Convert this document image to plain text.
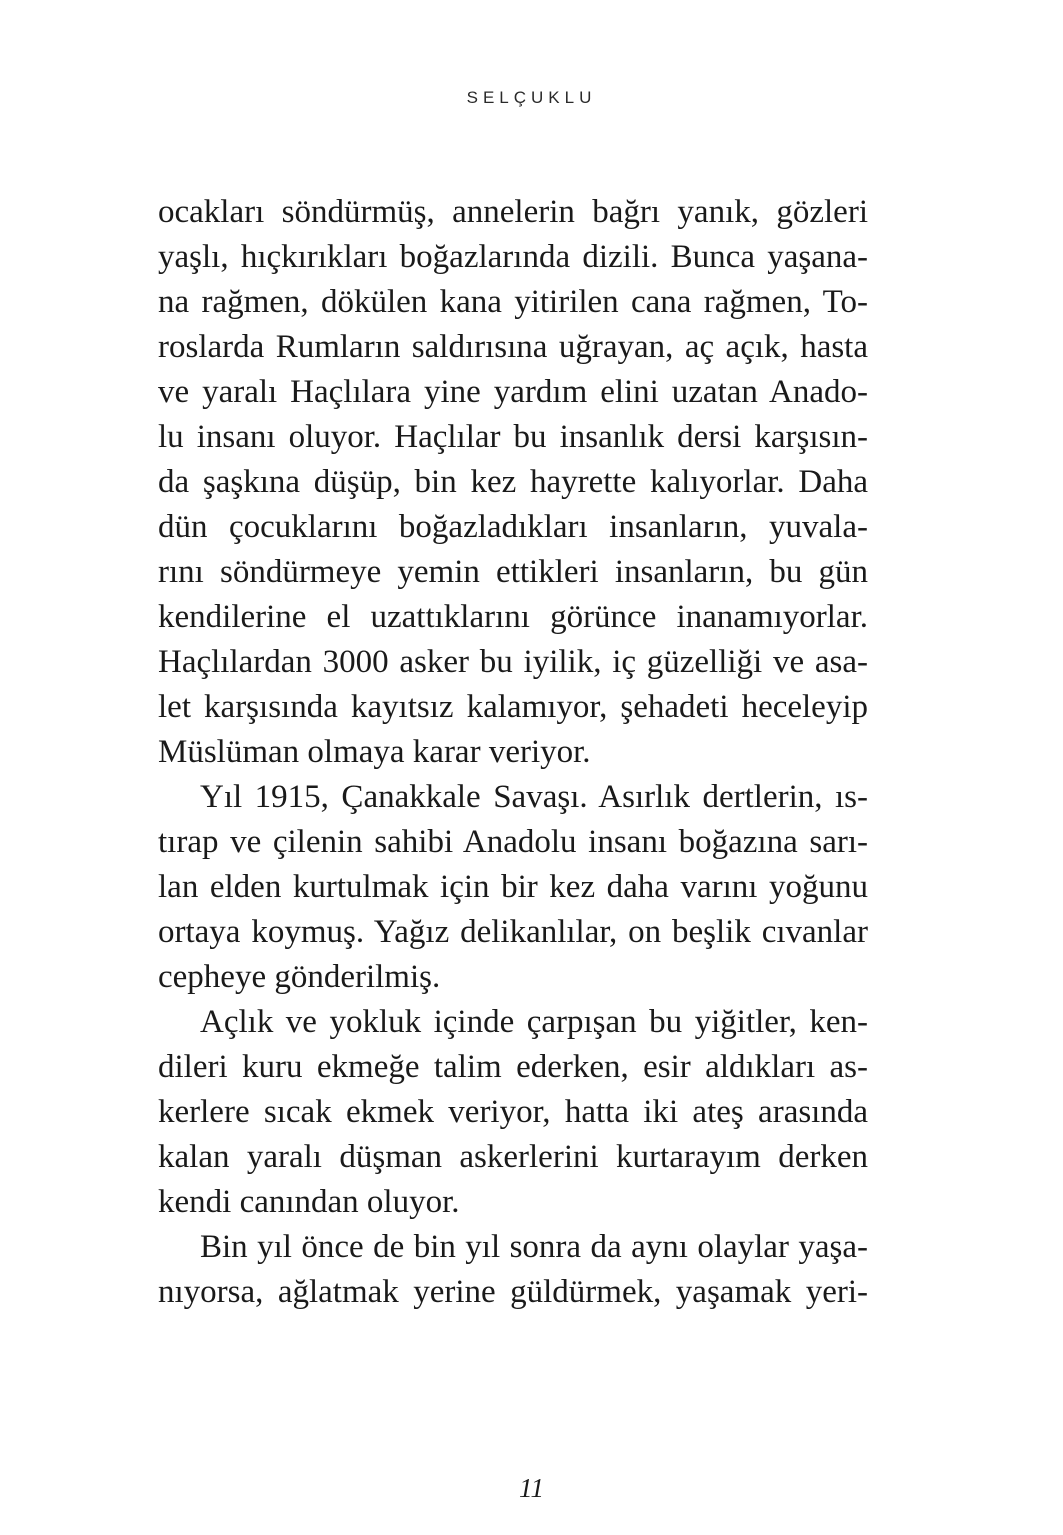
SELÇUKLU
ocakları söndürmüş, annelerin bağrı yanık, gözleri
yaşlı, hıçkırıkları boğazlarında dizili. Bunca yaşana-
na rağmen, dökülen kana yitirilen cana rağmen, To-
roslarda Rumların saldırısına uğrayan, aç açık, hasta
ve yaralı Haçlılara yine yardım elini uzatan Anado-
lu insanı oluyor. Haçlılar bu insanlık dersi karşısın-
da şaşkına düşüp, bin kez hayrette kalıyorlar. Daha
dün çocuklarını boğazladıkları insanların, yuvala-
rını söndürmeye yemin ettikleri insanların, bu gün
kendilerine el uzattıklarını görünce inanamıyorlar.
Haçlılardan 3000 asker bu iyilik, iç güzelliği ve asa-
let karşısında kayıtsız kalamıyor, şehadeti heceleyip
Müslüman olmaya karar veriyor.
Yıl 1915, Çanakkale Savaşı. Asırlık dertlerin, ıs-
tırap ve çilenin sahibi Anadolu insanı boğazına sarı-
lan elden kurtulmak için bir kez daha varını yoğunu
ortaya koymuş. Yağız delikanlılar, on beşlik cıvanlar
cepheye gönderilmiş.
Açlık ve yokluk içinde çarpışan bu yiğitler, ken-
dileri kuru ekmeğe talim ederken, esir aldıkları as-
kerlere sıcak ekmek veriyor, hatta iki ateş arasında
kalan yaralı düşman askerlerini kurtarayım derken
kendi canından oluyor.
Bin yıl önce de bin yıl sonra da aynı olaylar yaşa-
nıyorsa, ağlatmak yerine güldürmek, yaşamak yeri-
11
